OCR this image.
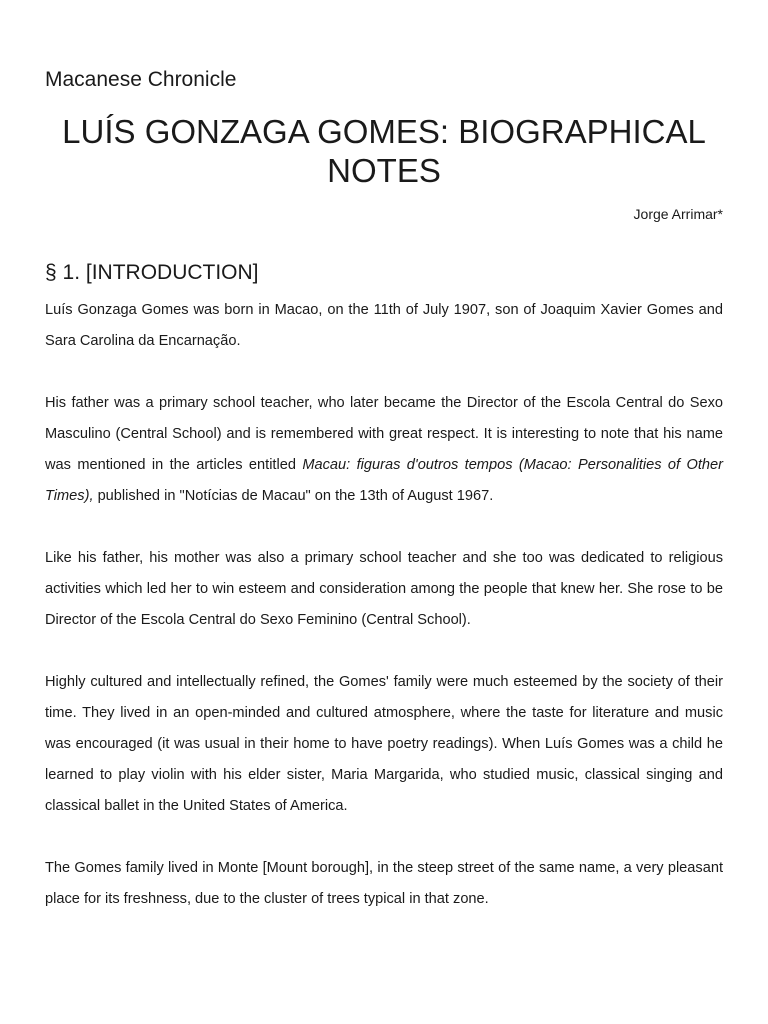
Macanese Chronicle
LUÍS GONZAGA GOMES: BIOGRAPHICAL NOTES
Jorge Arrimar*
§ 1. [INTRODUCTION]

Luís Gonzaga Gomes was born in Macao, on the 11th of July 1907, son of Joaquim Xavier Gomes and Sara Carolina da Encarnação.

His father was a primary school teacher, who later became the Director of the Escola Central do Sexo Masculino (Central School) and is remembered with great respect. It is interesting to note that his name was mentioned in the articles entitled Macau: figuras d'outros tempos (Macao: Personalities of Other Times), published in "Notícias de Macau" on the 13th of August 1967.

Like his father, his mother was also a primary school teacher and she too was dedicated to religious activities which led her to win esteem and consideration among the people that knew her. She rose to be Director of the Escola Central do Sexo Feminino (Central School).

Highly cultured and intellectually refined, the Gomes' family were much esteemed by the society of their time. They lived in an open-minded and cultured atmosphere, where the taste for literature and music was encouraged (it was usual in their home to have poetry readings). When Luís Gomes was a child he learned to play violin with his elder sister, Maria Margarida, who studied music, classical singing and classical ballet in the United States of America.

The Gomes family lived in Monte [Mount borough], in the steep street of the same name, a very pleasant place for its freshness, due to the cluster of trees typical in that zone.
